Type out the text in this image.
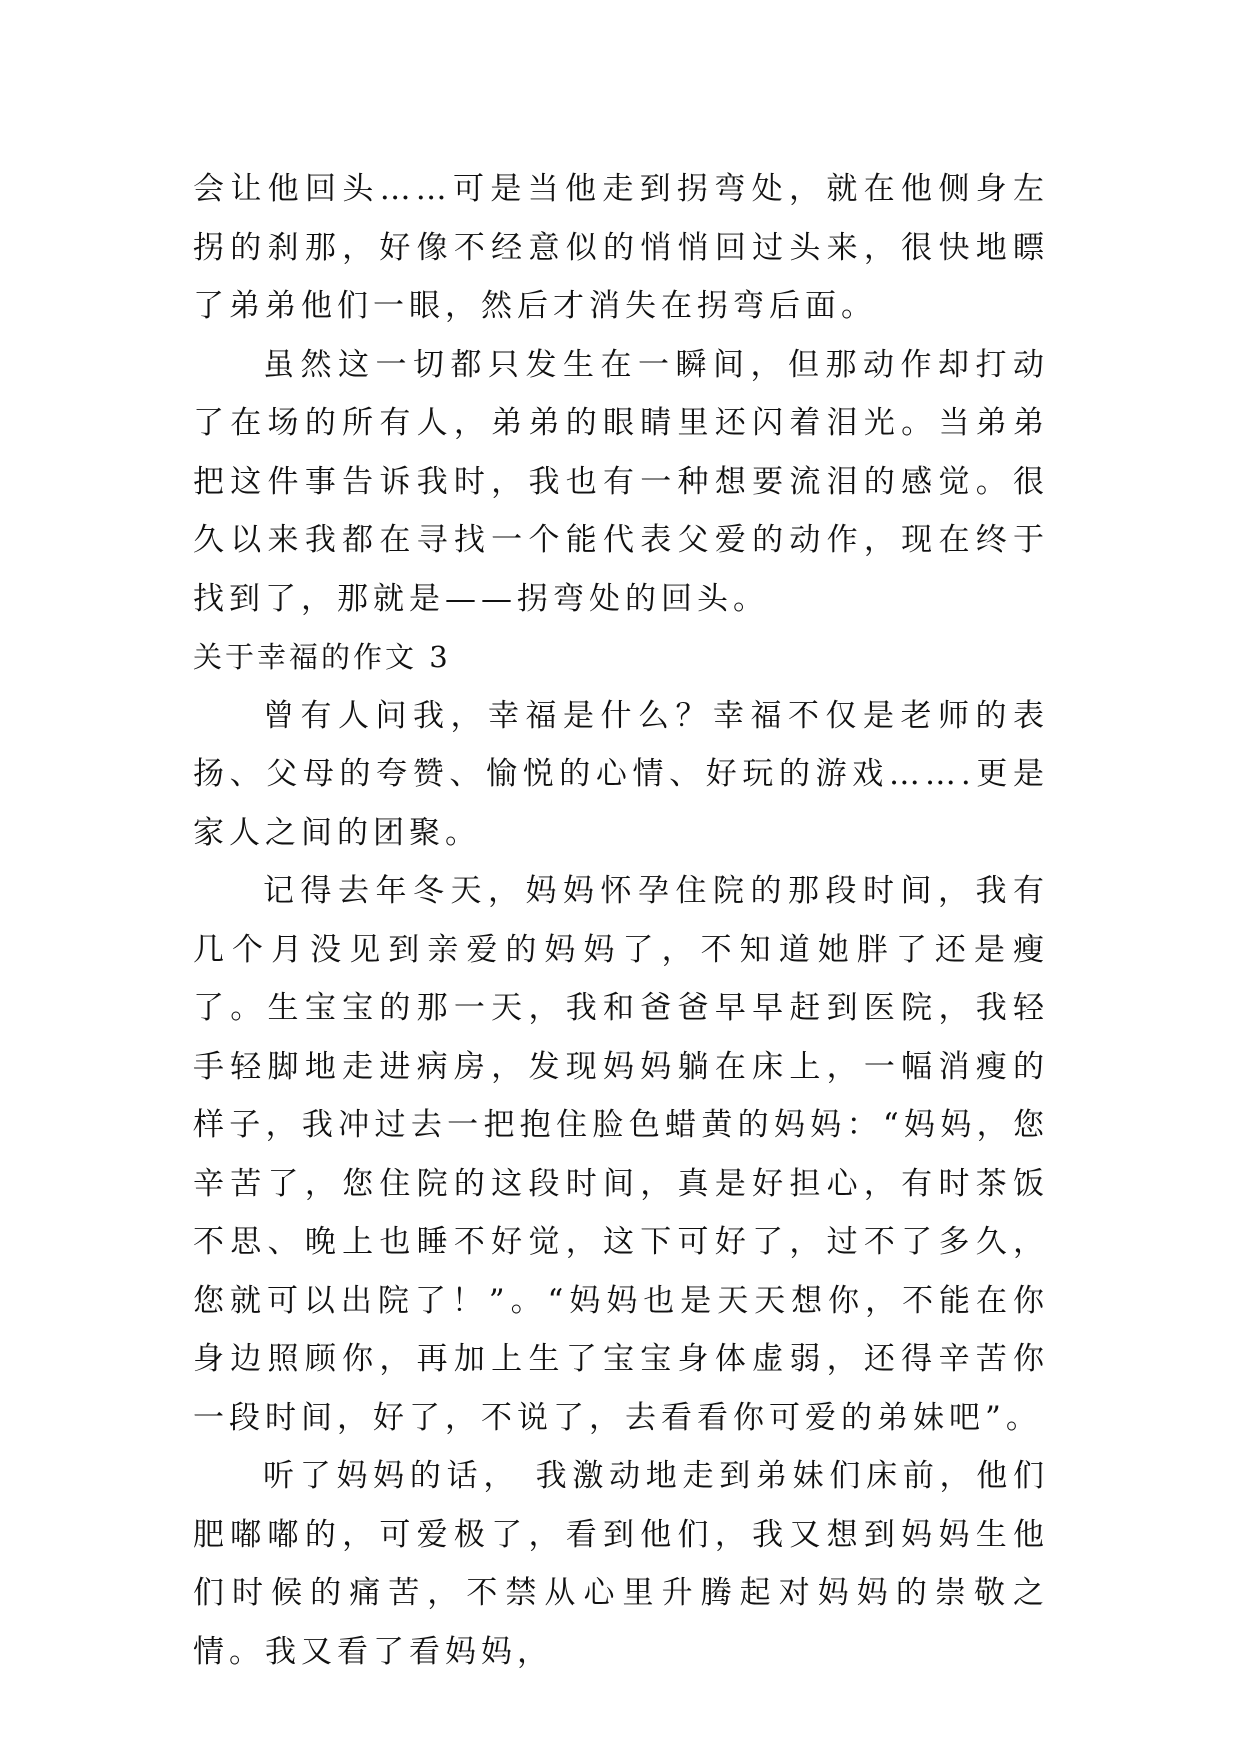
会让他回头……可是当他走到拐弯处，就在他侧身左拐的刹那，好像不经意似的悄悄回过头来，很快地瞟了弟弟他们一眼，然后才消失在拐弯后面。

虽然这一切都只发生在一瞬间，但那动作却打动了在场的所有人，弟弟的眼睛里还闪着泪光。当弟弟把这件事告诉我时，我也有一种想要流泪的感觉。很久以来我都在寻找一个能代表父爱的动作，现在终于找到了，那就是——拐弯处的回头。

关于幸福的作文 3

曾有人问我，幸福是什么？幸福不仅是老师的表扬、父母的夸赞、愉悦的心情、好玩的游戏…….更是家人之间的团聚。

记得去年冬天，妈妈怀孕住院的那段时间，我有几个月没见到亲爱的妈妈了，不知道她胖了还是瘦了。生宝宝的那一天，我和爸爸早早赶到医院，我轻手轻脚地走进病房，发现妈妈躺在床上，一幅消瘦的样子，我冲过去一把抱住脸色蜡黄的妈妈：“妈妈，您辛苦了，您住院的这段时间，真是好担心，有时茶饭不思、晚上也睡不好觉，这下可好了，过不了多久，您就可以出院了！”。“妈妈也是天天想你，不能在你身边照顾你，再加上生了宝宝身体虚弱，还得辛苦你一段时间，好了，不说了，去看看你可爱的弟妹吧”。

听了妈妈的话， 我激动地走到弟妹们床前，他们肥嘟嘟的，可爱极了，看到他们，我又想到妈妈生他们时候的痛苦，不禁从心里升腾起对妈妈的崇敬之情。我又看了看妈妈，
